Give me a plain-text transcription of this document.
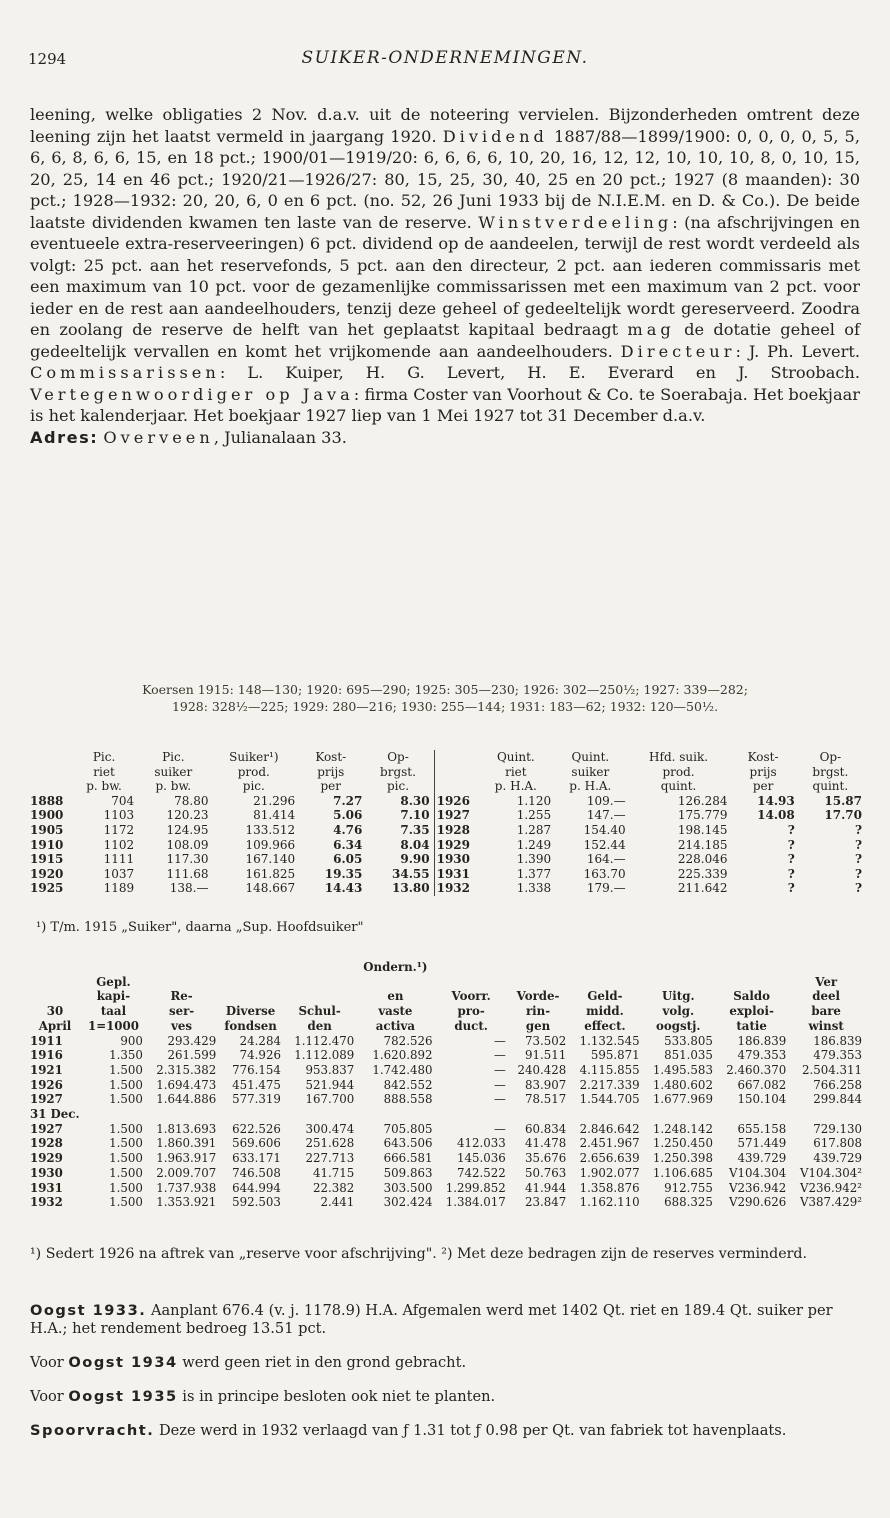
1294	SUIKER-ONDERNEMINGEN.

leening, welke obligaties 2 Nov. d.a.v. uit de noteering vervielen. Bijzonderheden omtrent deze leening zijn het laatst vermeld in jaargang 1920. Dividend 1887/88—1899/1900: 0, 0, 0, 0, 5, 5, 6, 6, 8, 6, 6, 15, en 18 pct.; 1900/01—1919/20: 6, 6, 6, 6, 10, 20, 16, 12, 12, 10, 10, 10, 8, 0, 10, 15, 20, 25, 14 en 46 pct.; 1920/21—1926/27: 80, 15, 25, 30, 40, 25 en 20 pct.; 1927 (8 maanden): 30 pct.; 1928—1932: 20, 20, 6, 0 en 6 pct. (no. 52, 26 Juni 1933 bij de N.I.E.M. en D. & Co.). De beide laatste dividenden kwamen ten laste van de reserve. Winstverdeeling: (na afschrijvingen en eventueele extra-reserveeringen) 6 pct. dividend op de aandeelen, terwijl de rest wordt verdeeld als volgt: 25 pct. aan het reservefonds, 5 pct. aan den directeur, 2 pct. aan iederen commissaris met een maximum van 10 pct. voor de gezamenlijke commissarissen met een maximum van 2 pct. voor ieder en de rest aan aandeelhouders, tenzij deze geheel of gedeeltelijk wordt gereserveerd. Zoodra en zoolang de reserve de helft van het geplaatst kapitaal bedraagt mag de dotatie geheel of gedeeltelijk vervallen en komt het vrijkomende aan aandeelhouders. Directeur: J. Ph. Levert. Commissarissen: L. Kuiper, H. G. Levert, H. E. Everard en J. Stroobach. Vertegenwoordiger op Java: firma Coster van Voorhout & Co. te Soerabaja. Het boekjaar is het kalenderjaar. Het boekjaar 1927 liep van 1 Mei 1927 tot 31 December d.a.v.

Adres: Overveen, Julianalaan 33.

Koersen 1915: 148—130; 1920: 695—290; 1925: 305—230; 1926: 302—250½; 1927: 339—282;
1928: 328½—225; 1929: 280—216; 1930: 255—144; 1931: 183—62; 1932: 120—50½.
	Pic.	Pic.	Suiker¹)	Kost-	Op-			Quint.	Quint.	Hfd. suik.	Kost-	Op-
	riet	suiker	prod.	prijs	brgst.			riet	suiker	prod.	prijs	brgst.
	p. bw.	p. bw.	pic.	per	pic.			p. H.A.	p. H.A.	quint.	per	quint.
1888	704	78.80	21.296	7.27	8.30		1926	1.120	109.—	126.284	14.93	15.87
1900	1103	120.23	81.414	5.06	7.10		1927	1.255	147.—	175.779	14.08	17.70
1905	1172	124.95	133.512	4.76	7.35		1928	1.287	154.40	198.145	?	?
1910	1102	108.09	109.966	6.34	8.04		1929	1.249	152.44	214.185	?	?
1915	1111	117.30	167.140	6.05	9.90		1930	1.390	164.—	228.046	?	?
1920	1037	111.68	161.825	19.35	34.55		1931	1.377	163.70	225.339	?	?
1925	1189	138.—	148.667	14.43	13.80		1932	1.338	179.—	211.642	?	?
¹) T/m. 1915 „Suiker", daarna „Sup. Hoofdsuiker"
					Ondern.¹)						
	Gepl.										Ver
	kapi-	Re-			en	Voorr.	Vorde-	Geld-	Uitg.	Saldo	deel
30	taal	ser-	Diverse	Schul-	vaste	pro-	rin-	midd.	volg.	exploi-	bare
April	1=1000	ves	fondsen	den	activa	duct.	gen	effect.	oogstj.	tatie	winst
1911	900	293.429	24.284	1.112.470	782.526	—	73.502	1.132.545	533.805	186.839	186.839
1916	1.350	261.599	74.926	1.112.089	1.620.892	—	91.511	595.871	851.035	479.353	479.353
1921	1.500	2.315.382	776.154	953.837	1.742.480	—	240.428	4.115.855	1.495.583	2.460.370	2.504.311
1926	1.500	1.694.473	451.475	521.944	842.552	—	83.907	2.217.339	1.480.602	667.082	766.258
1927	1.500	1.644.886	577.319	167.700	888.558	—	78.517	1.544.705	1.677.969	150.104	299.844
31 Dec.											
1927	1.500	1.813.693	622.526	300.474	705.805	—	60.834	2.846.642	1.248.142	655.158	729.130
1928	1.500	1.860.391	569.606	251.628	643.506	412.033	41.478	2.451.967	1.250.450	571.449	617.808
1929	1.500	1.963.917	633.171	227.713	666.581	145.036	35.676	2.656.639	1.250.398	439.729	439.729
1930	1.500	2.009.707	746.508	41.715	509.863	742.522	50.763	1.902.077	1.106.685	V104.304	V104.304²
1931	1.500	1.737.938	644.994	22.382	303.500	1.299.852	41.944	1.358.876	912.755	V236.942	V236.942²
1932	1.500	1.353.921	592.503	2.441	302.424	1.384.017	23.847	1.162.110	688.325	V290.626	V387.429²
¹) Sedert 1926 na aftrek van „reserve voor afschrijving". ²) Met deze bedragen zijn de reserves verminderd.
Oogst 1933. Aanplant 676.4 (v. j. 1178.9) H.A. Afgemalen werd met 1402 Qt. riet en 189.4 Qt. suiker per H.A.; het rendement bedroeg 13.51 pct.
Voor Oogst 1934 werd geen riet in den grond gebracht.
Voor Oogst 1935 is in principe besloten ook niet te planten.
Spoorvracht. Deze werd in 1932 verlaagd van ƒ 1.31 tot ƒ 0.98 per Qt. van fabriek tot havenplaats.
